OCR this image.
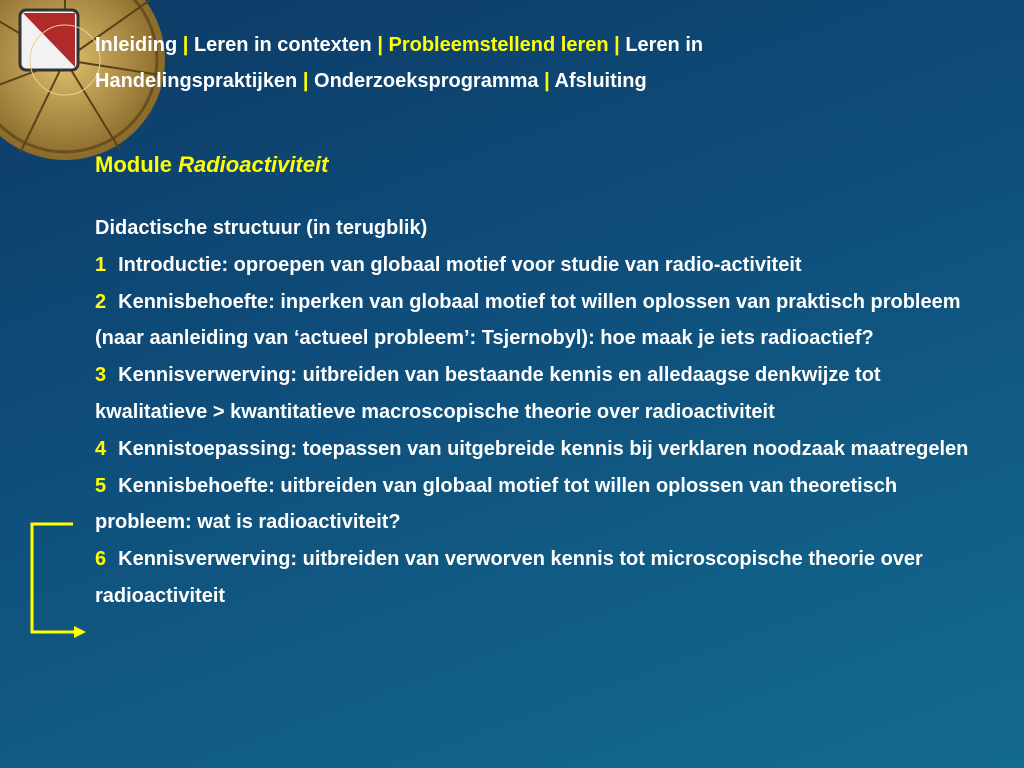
Inleiding | Leren in contexten | Probleemstellend leren | Leren in
Handelingspraktijken | Onderzoeksprogramma | Afsluiting
Module Radioactiviteit
Didactische structuur (in terugblik)
1 Introductie: oproepen van globaal motief voor studie van radio-activiteit
2 Kennisbehoefte: inperken van globaal motief tot willen oplossen van praktisch probleem (naar aanleiding van ‘actueel probleem’: Tsjernobyl): hoe maak je iets radioactief?
3 Kennisverwerving: uitbreiden van bestaande kennis en alledaagse denkwijze tot kwalitatieve > kwantitatieve macroscopische theorie over radioactiviteit
4 Kennistoepassing: toepassen van uitgebreide kennis bij verklaren noodzaak maatregelen
5 Kennisbehoefte: uitbreiden van globaal motief tot willen oplossen van theoretisch probleem: wat is radioactiviteit?
6 Kennisverwerving: uitbreiden van verworven kennis tot microscopische theorie over radioactiviteit
